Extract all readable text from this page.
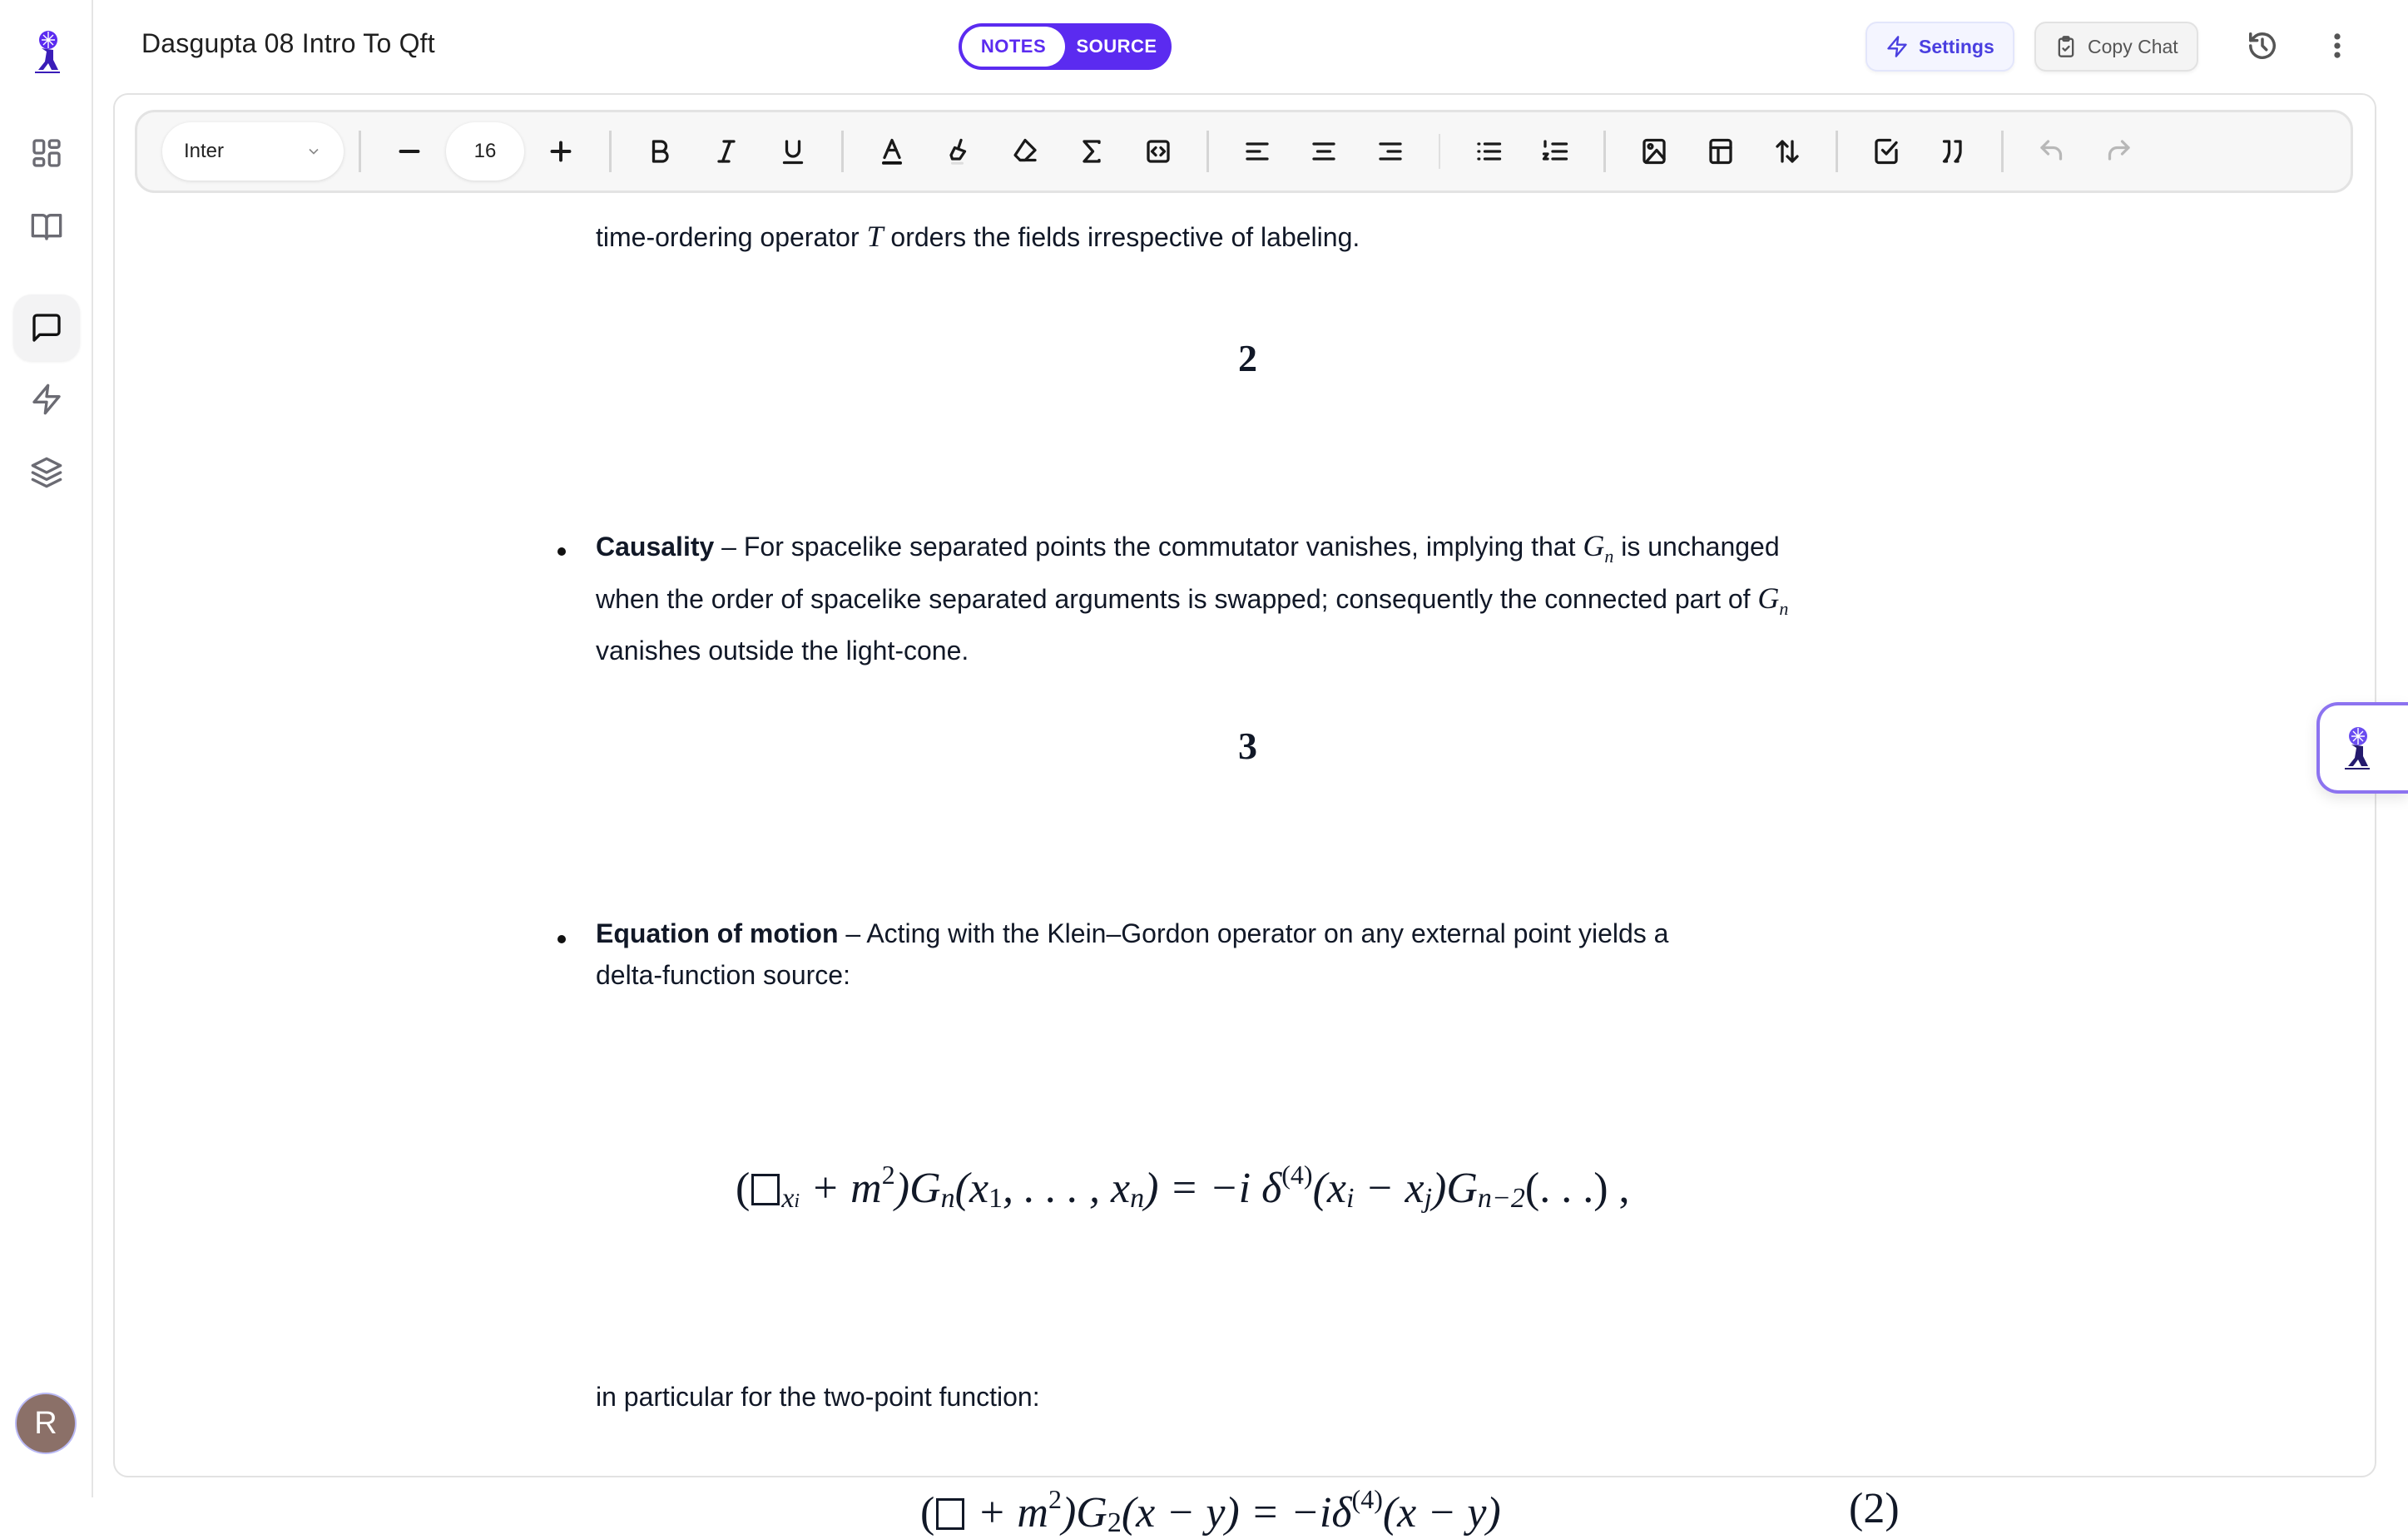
R
Dasgupta 08 Intro To Qft	NOTES	SOURCE	Settings	Copy Chat
Inter	16
time-ordering operator T orders the fields irrespective of labeling.
2
Causality – For spacelike separated points the commutator vanishes, implying that $G_n$ is unchanged
when the order of spacelike separated arguments is swapped; consequently the connected part of $G_n$
vanishes outside the light-cone.
3
Equation of motion – Acting with the Klein–Gordon operator on any external point yields a
delta-function source:
( $_{xi} + m^2)G_n(x_1$, . . . , $x_n) = -i$ $\delta^{(4)}(x_i - x_j)G_{n-2}$(. . .) ,
in particular for the two-point function:
( + $m^2)G_2(x - y) = -i\delta^{(4)}(x - y)$	(2)
